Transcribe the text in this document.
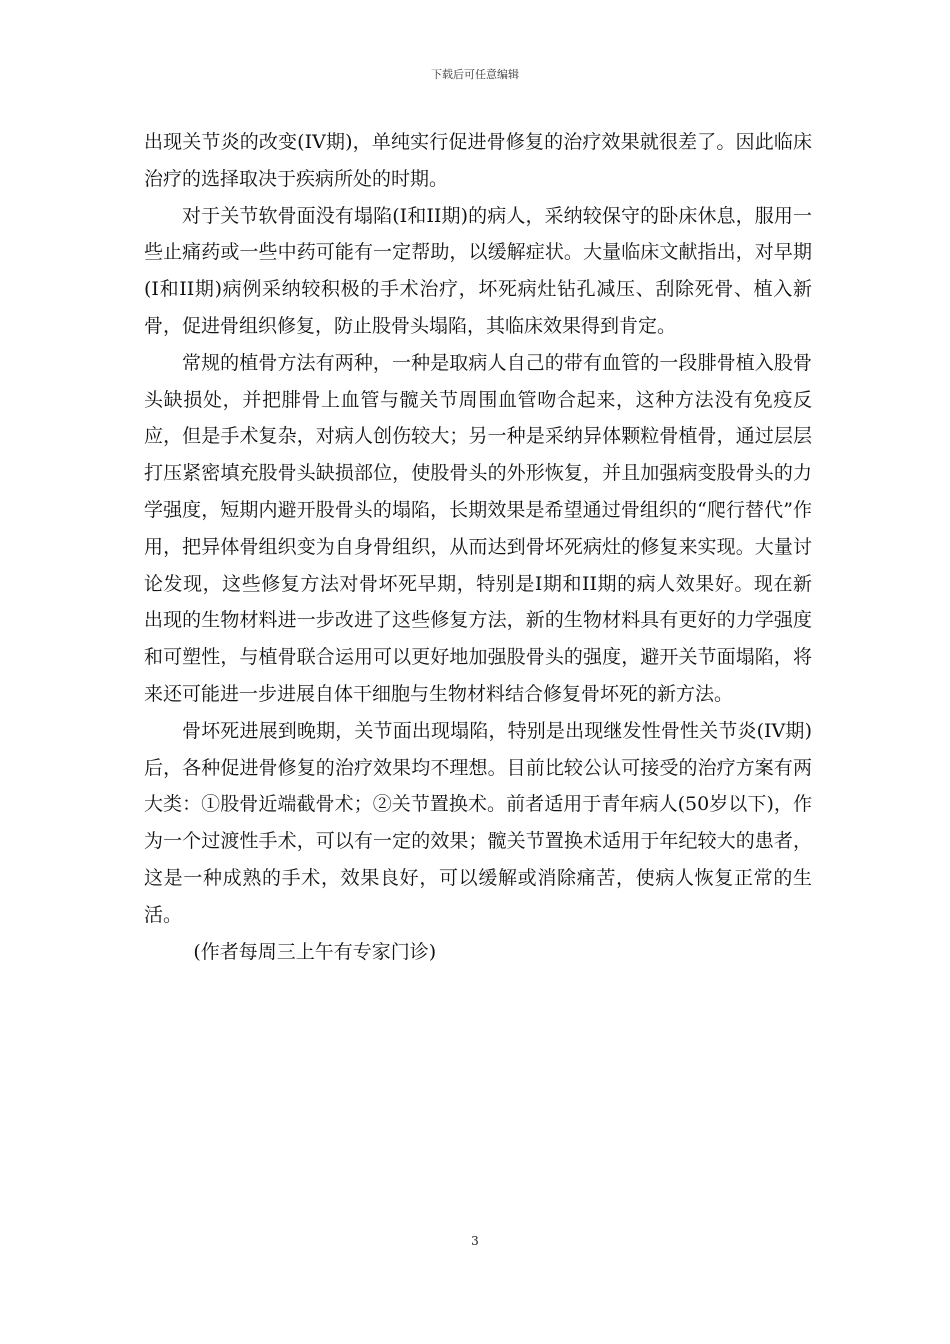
下载后可任意编辑

出现关节炎的改变(IV期)，单纯实行促进骨修复的治疗效果就很差了。因此临床治疗的选择取决于疾病所处的时期。

对于关节软骨面没有塌陷(I和II期)的病人，采纳较保守的卧床休息，服用一些止痛药或一些中药可能有一定帮助，以缓解症状。大量临床文献指出，对早期(I和II期)病例采纳较积极的手术治疗，坏死病灶钻孔减压、刮除死骨、植入新骨，促进骨组织修复，防止股骨头塌陷，其临床效果得到肯定。

常规的植骨方法有两种，一种是取病人自己的带有血管的一段腓骨植入股骨头缺损处，并把腓骨上血管与髋关节周围血管吻合起来，这种方法没有免疫反应，但是手术复杂，对病人创伤较大；另一种是采纳异体颗粒骨植骨，通过层层打压紧密填充股骨头缺损部位，使股骨头的外形恢复，并且加强病变股骨头的力学强度，短期内避开股骨头的塌陷，长期效果是希望通过骨组织的“爬行替代”作用，把异体骨组织变为自身骨组织，从而达到骨坏死病灶的修复来实现。大量讨论发现，这些修复方法对骨坏死早期，特别是I期和II期的病人效果好。现在新出现的生物材料进一步改进了这些修复方法，新的生物材料具有更好的力学强度和可塑性，与植骨联合运用可以更好地加强股骨头的强度，避开关节面塌陷，将来还可能进一步进展自体干细胞与生物材料结合修复骨坏死的新方法。

骨坏死进展到晚期，关节面出现塌陷，特别是出现继发性骨性关节炎(IV期)后，各种促进骨修复的治疗效果均不理想。目前比较公认可接受的治疗方案有两大类：①股骨近端截骨术；②关节置换术。前者适用于青年病人(50岁以下)，作为一个过渡性手术，可以有一定的效果；髋关节置换术适用于年纪较大的患者，这是一种成熟的手术，效果良好，可以缓解或消除痛苦，使病人恢复正常的生活。

(作者每周三上午有专家门诊)

3
